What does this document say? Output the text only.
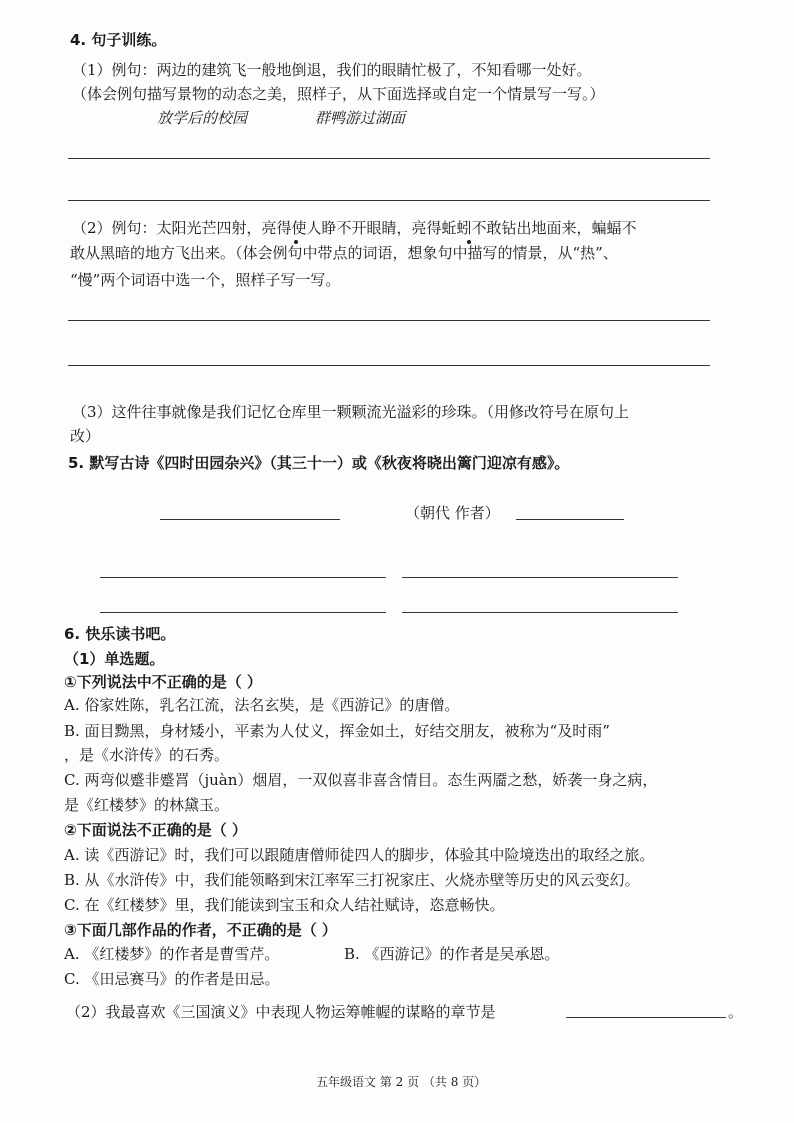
4. 句子训练。
（1）例句：两边的建筑飞一般地倒退，我们的眼睛忙极了，不知看哪一处好。
（体会例句描写景物的动态之美，照样子，从下面选择或自定一个情景写一写。）
放学后的校园	群鸭游过湖面
（2）例句：太阳光芒四射，亮得使人睁不开眼睛，亮得蚯蚓不敢钻出地面来，蝙蝠不
敢从黑暗的地方飞出来。（体会例句中带点的词语，想象句中描写的情景，从“热”、
“慢”两个词语中选一个，照样子写一写。
（3）这件往事就像是我们记忆仓库里一颗颗流光溢彩的珍珠。（用修改符号在原句上
改）
5. 默写古诗《四时田园杂兴》（其三十一）或《秋夜将晓出篱门迎凉有感》。
（朝代 作者）
6. 快乐读书吧。
（1）单选题。
①下列说法中不正确的是（ ）
A. 俗家姓陈，乳名江流，法名玄奘，是《西游记》的唐僧。
B. 面目黝黑，身材矮小，平素为人仗义，挥金如土，好结交朋友，被称为“及时雨”
，是《水浒传》的石秀。
C. 两弯似蹙非蹙罥（juàn）烟眉，一双似喜非喜含情目。态生两靥之愁，娇袭一身之病，
是《红楼梦》的林黛玉。
②下面说法不正确的是（ ）
A. 读《西游记》时，我们可以跟随唐僧师徒四人的脚步，体验其中险境迭出的取经之旅。
B. 从《水浒传》中，我们能领略到宋江率军三打祝家庄、火烧赤壁等历史的风云变幻。
C. 在《红楼梦》里，我们能读到宝玉和众人结社赋诗，恣意畅快。
③下面几部作品的作者，不正确的是（ ）
A. 《红楼梦》的作者是曹雪芹。	B. 《西游记》的作者是吴承恩。
C. 《田忌赛马》的作者是田忌。
（2）我最喜欢《三国演义》中表现人物运筹帷幄的谋略的章节是	。
五年级语文 第 2 页 （共 8 页）
